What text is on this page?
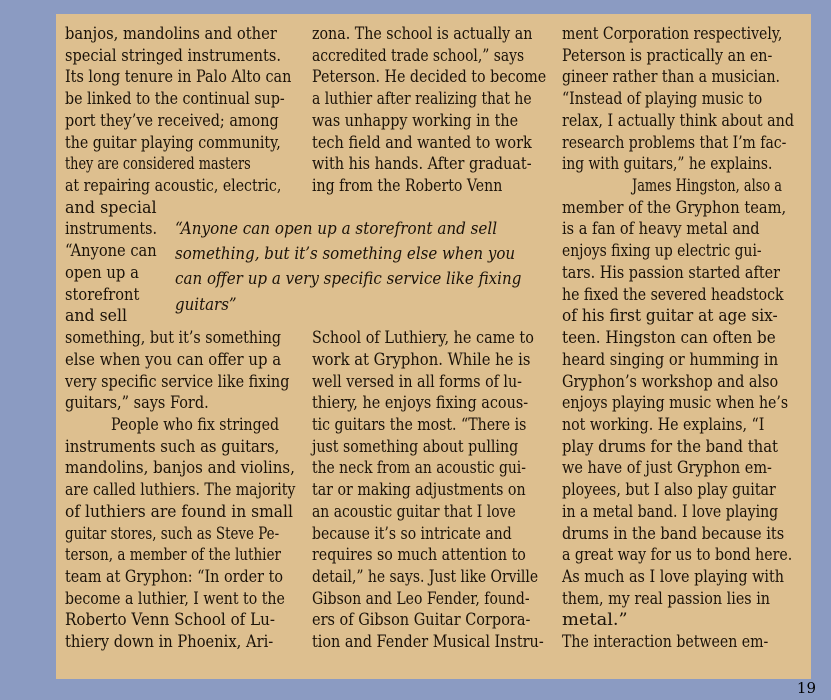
banjos, mandolins and other
special stringed instruments.
Its long tenure in Palo Alto can
be linked to the continual sup-
port they’ve received; among
the guitar playing community,
they are considered masters
at repairing acoustic, electric,
and special
instruments.
“Anyone can
open up a
storefront
and sell
something, but it’s something
else when you can offer up a
very specific service like fixing
guitars,” says Ford.
People who fix stringed
instruments such as guitars,
mandolins, banjos and violins,
are called luthiers. The majority
of luthiers are found in small
guitar stores, such as Steve Pe-
terson, a member of the luthier
team at Gryphon: “In order to
become a luthier, I went to the
Roberto Venn School of Lu-
thiery down in Phoenix, Ari-
zona. The school is actually an
accredited trade school,” says
Peterson. He decided to become
a luthier after realizing that he
was unhappy working in the
tech field and wanted to work
with his hands. After graduat-
ing from the Roberto Venn
School of Luthiery, he came to
work at Gryphon. While he is
well versed in all forms of lu-
thiery, he enjoys fixing acous-
tic guitars the most. “There is
just something about pulling
the neck from an acoustic gui-
tar or making adjustments on
an acoustic guitar that I love
because it’s so intricate and
requires so much attention to
detail,” he says. Just like Orville
Gibson and Leo Fender, found-
ers of Gibson Guitar Corpora-
tion and Fender Musical Instru-
ment Corporation respectively,
Peterson is practically an en-
gineer rather than a musician.
“Instead of playing music to
relax, I actually think about and
research problems that I’m fac-
ing with guitars,” he explains.
James Hingston, also a
member of the Gryphon team,
is a fan of heavy metal and
enjoys fixing up electric gui-
tars. His passion started after
he fixed the severed headstock
of his first guitar at age six-
teen. Hingston can often be
heard singing or humming in
Gryphon’s workshop and also
enjoys playing music when he’s
not working. He explains, “I
play drums for the band that
we have of just Gryphon em-
ployees, but I also play guitar
in a metal band. I love playing
drums in the band because its
a great way for us to bond here.
As much as I love playing with
them, my real passion lies in
metal.”
The interaction between em-
“Anyone can open up a storefront and sell
something, but it’s something else when you
can offer up a very specific service like fixing
guitars”
19
